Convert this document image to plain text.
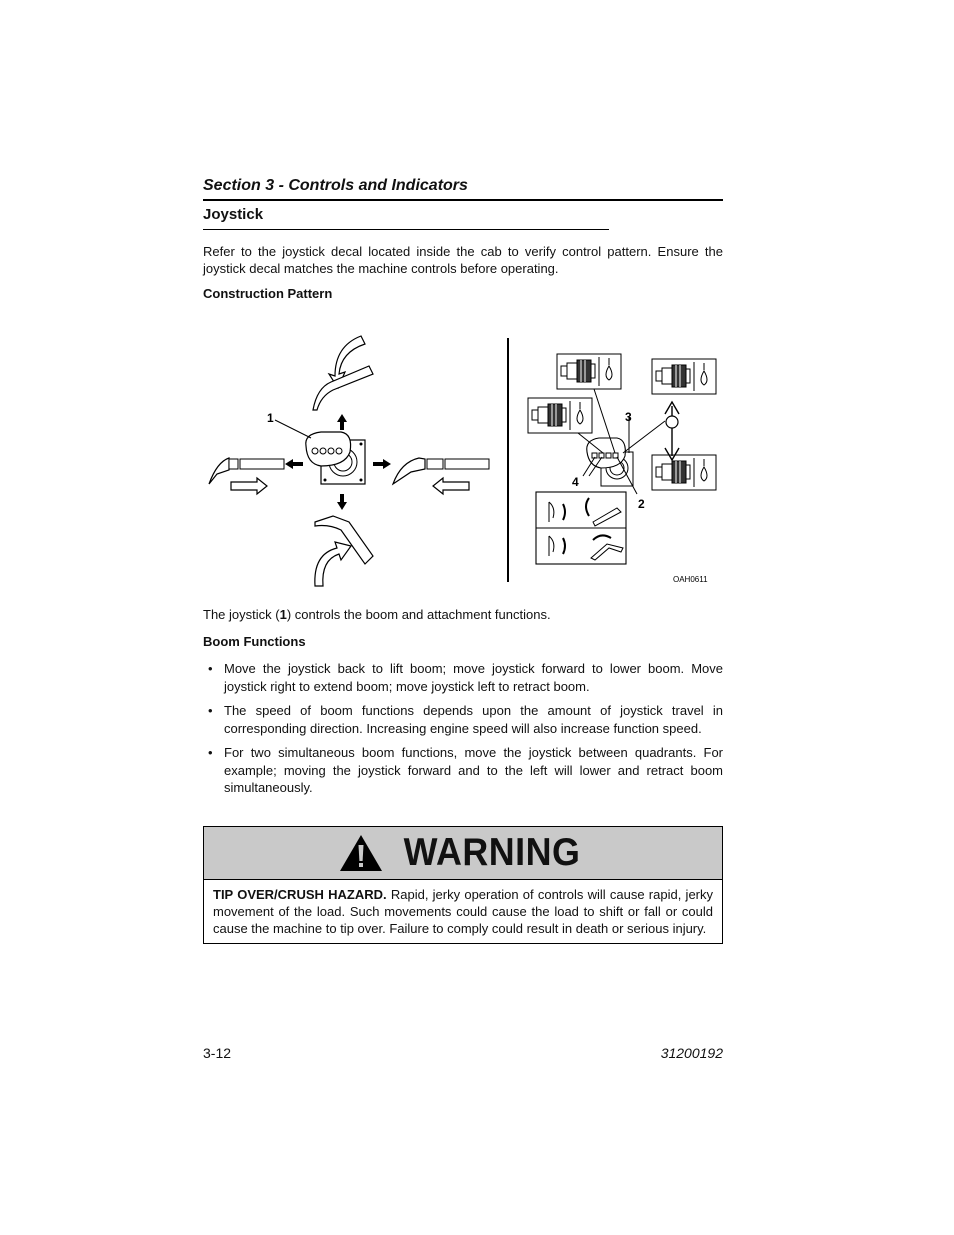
Section 3 - Controls and Indicators
Joystick
Refer to the joystick decal located inside the cab to verify control pattern. Ensure the joystick decal matches the machine controls before operating.
Construction Pattern
1	3
4
2
OAH0611
The joystick (1) controls the boom and attachment functions.
Boom Functions
• Move the joystick back to lift boom; move joystick forward to lower boom. Move joystick right to extend boom; move joystick left to retract boom.
• The speed of boom functions depends upon the amount of joystick travel in corresponding direction. Increasing engine speed will also increase function speed.
• For two simultaneous boom functions, move the joystick between quadrants. For example; moving the joystick forward and to the left will lower and retract boom simultaneously.
WARNING
TIP OVER/CRUSH HAZARD. Rapid, jerky operation of controls will cause rapid, jerky movement of the load. Such movements could cause the load to shift or fall or could cause the machine to tip over. Failure to comply could result in death or serious injury.
3-12	31200192
